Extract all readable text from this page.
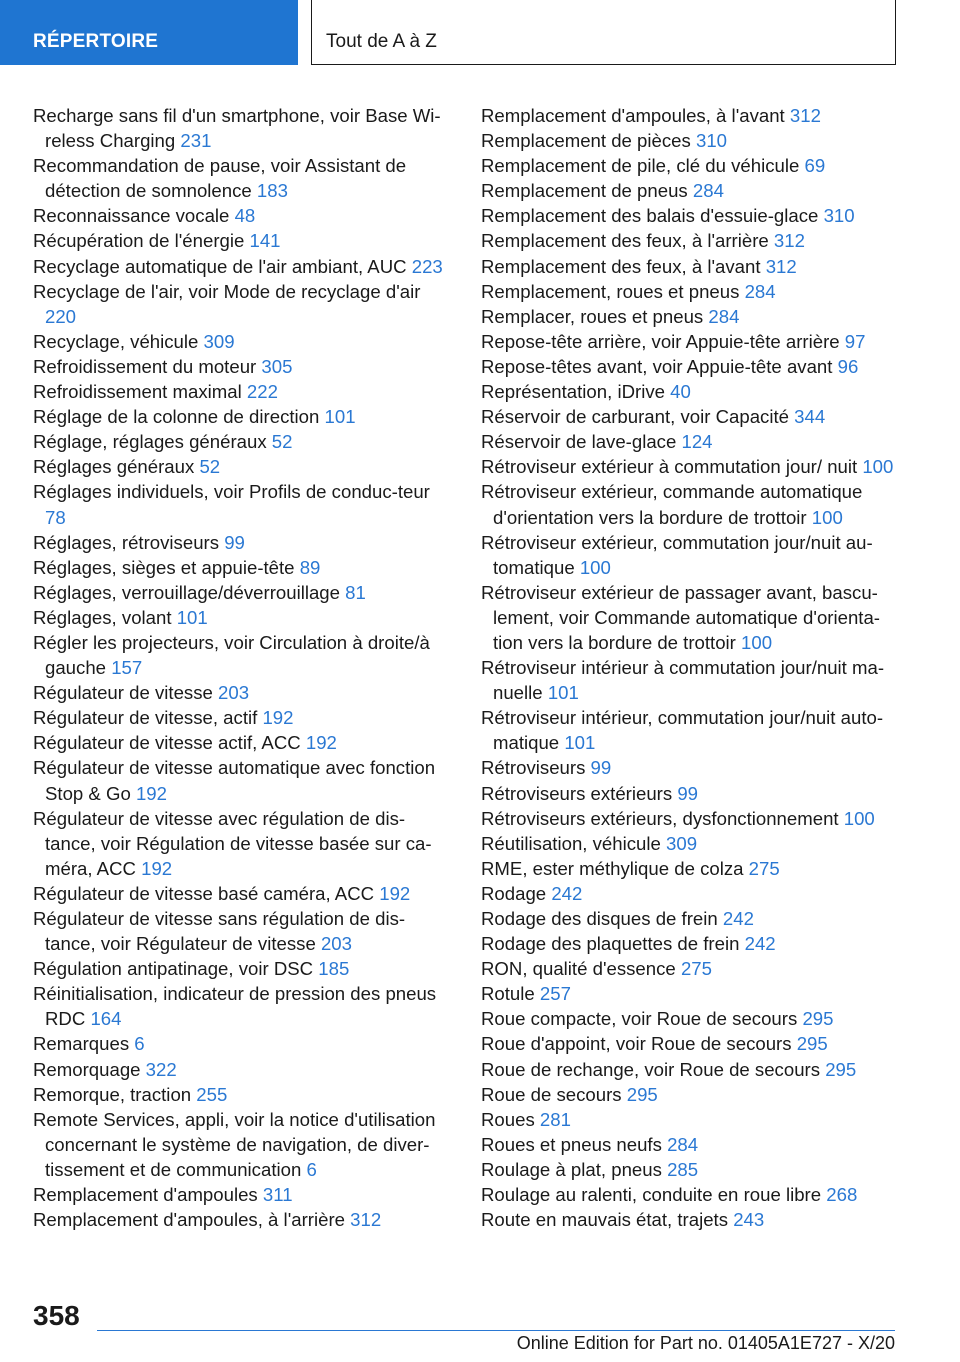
RÉPERTOIRE	Tout de A à Z
Recharge sans fil d'un smartphone, voir Base Wi‐reless Charging 231
Recommandation de pause, voir Assistant de détection de somnolence 183
Reconnaissance vocale 48
Récupération de l'énergie 141
Recyclage automatique de l'air ambiant, AUC 223
Recyclage de l'air, voir Mode de recyclage d'air 220
Recyclage, véhicule 309
Refroidissement du moteur 305
Refroidissement maximal 222
Réglage de la colonne de direction 101
Réglage, réglages généraux 52
Réglages généraux 52
Réglages individuels, voir Profils de conduc‐teur 78
Réglages, rétroviseurs 99
Réglages, sièges et appuie-tête 89
Réglages, verrouillage/déverrouillage 81
Réglages, volant 101
Régler les projecteurs, voir Circulation à droite/à gauche 157
Régulateur de vitesse 203
Régulateur de vitesse, actif 192
Régulateur de vitesse actif, ACC 192
Régulateur de vitesse automatique avec fonction Stop & Go 192
Régulateur de vitesse avec régulation de dis‐tance, voir Régulation de vitesse basée sur ca‐méra, ACC 192
Régulateur de vitesse basé caméra, ACC 192
Régulateur de vitesse sans régulation de dis‐tance, voir Régulateur de vitesse 203
Régulation antipatinage, voir DSC 185
Réinitialisation, indicateur de pression des pneus RDC 164
Remarques 6
Remorquage 322
Remorque, traction 255
Remote Services, appli, voir la notice d'utilisation concernant le système de navigation, de diver‐tissement et de communication 6
Remplacement d'ampoules 311
Remplacement d'ampoules, à l'arrière 312
Remplacement d'ampoules, à l'avant 312
Remplacement de pièces 310
Remplacement de pile, clé du véhicule 69
Remplacement de pneus 284
Remplacement des balais d'essuie-glace 310
Remplacement des feux, à l'arrière 312
Remplacement des feux, à l'avant 312
Remplacement, roues et pneus 284
Remplacer, roues et pneus 284
Repose-tête arrière, voir Appuie-tête arrière 97
Repose-têtes avant, voir Appuie-tête avant 96
Représentation, iDrive 40
Réservoir de carburant, voir Capacité 344
Réservoir de lave-glace 124
Rétroviseur extérieur à commutation jour/ nuit 100
Rétroviseur extérieur, commande automatique d'orientation vers la bordure de trottoir 100
Rétroviseur extérieur, commutation jour/nuit au‐tomatique 100
Rétroviseur extérieur de passager avant, bascu‐lement, voir Commande automatique d'orienta‐tion vers la bordure de trottoir 100
Rétroviseur intérieur à commutation jour/nuit ma‐nuelle 101
Rétroviseur intérieur, commutation jour/nuit auto‐matique 101
Rétroviseurs 99
Rétroviseurs extérieurs 99
Rétroviseurs extérieurs, dysfonctionnement 100
Réutilisation, véhicule 309
RME, ester méthylique de colza 275
Rodage 242
Rodage des disques de frein 242
Rodage des plaquettes de frein 242
RON, qualité d'essence 275
Rotule 257
Roue compacte, voir Roue de secours 295
Roue d'appoint, voir Roue de secours 295
Roue de rechange, voir Roue de secours 295
Roue de secours 295
Roues 281
Roues et pneus neufs 284
Roulage à plat, pneus 285
Roulage au ralenti, conduite en roue libre 268
Route en mauvais état, trajets 243
358
Online Edition for Part no. 01405A1E727 - X/20
